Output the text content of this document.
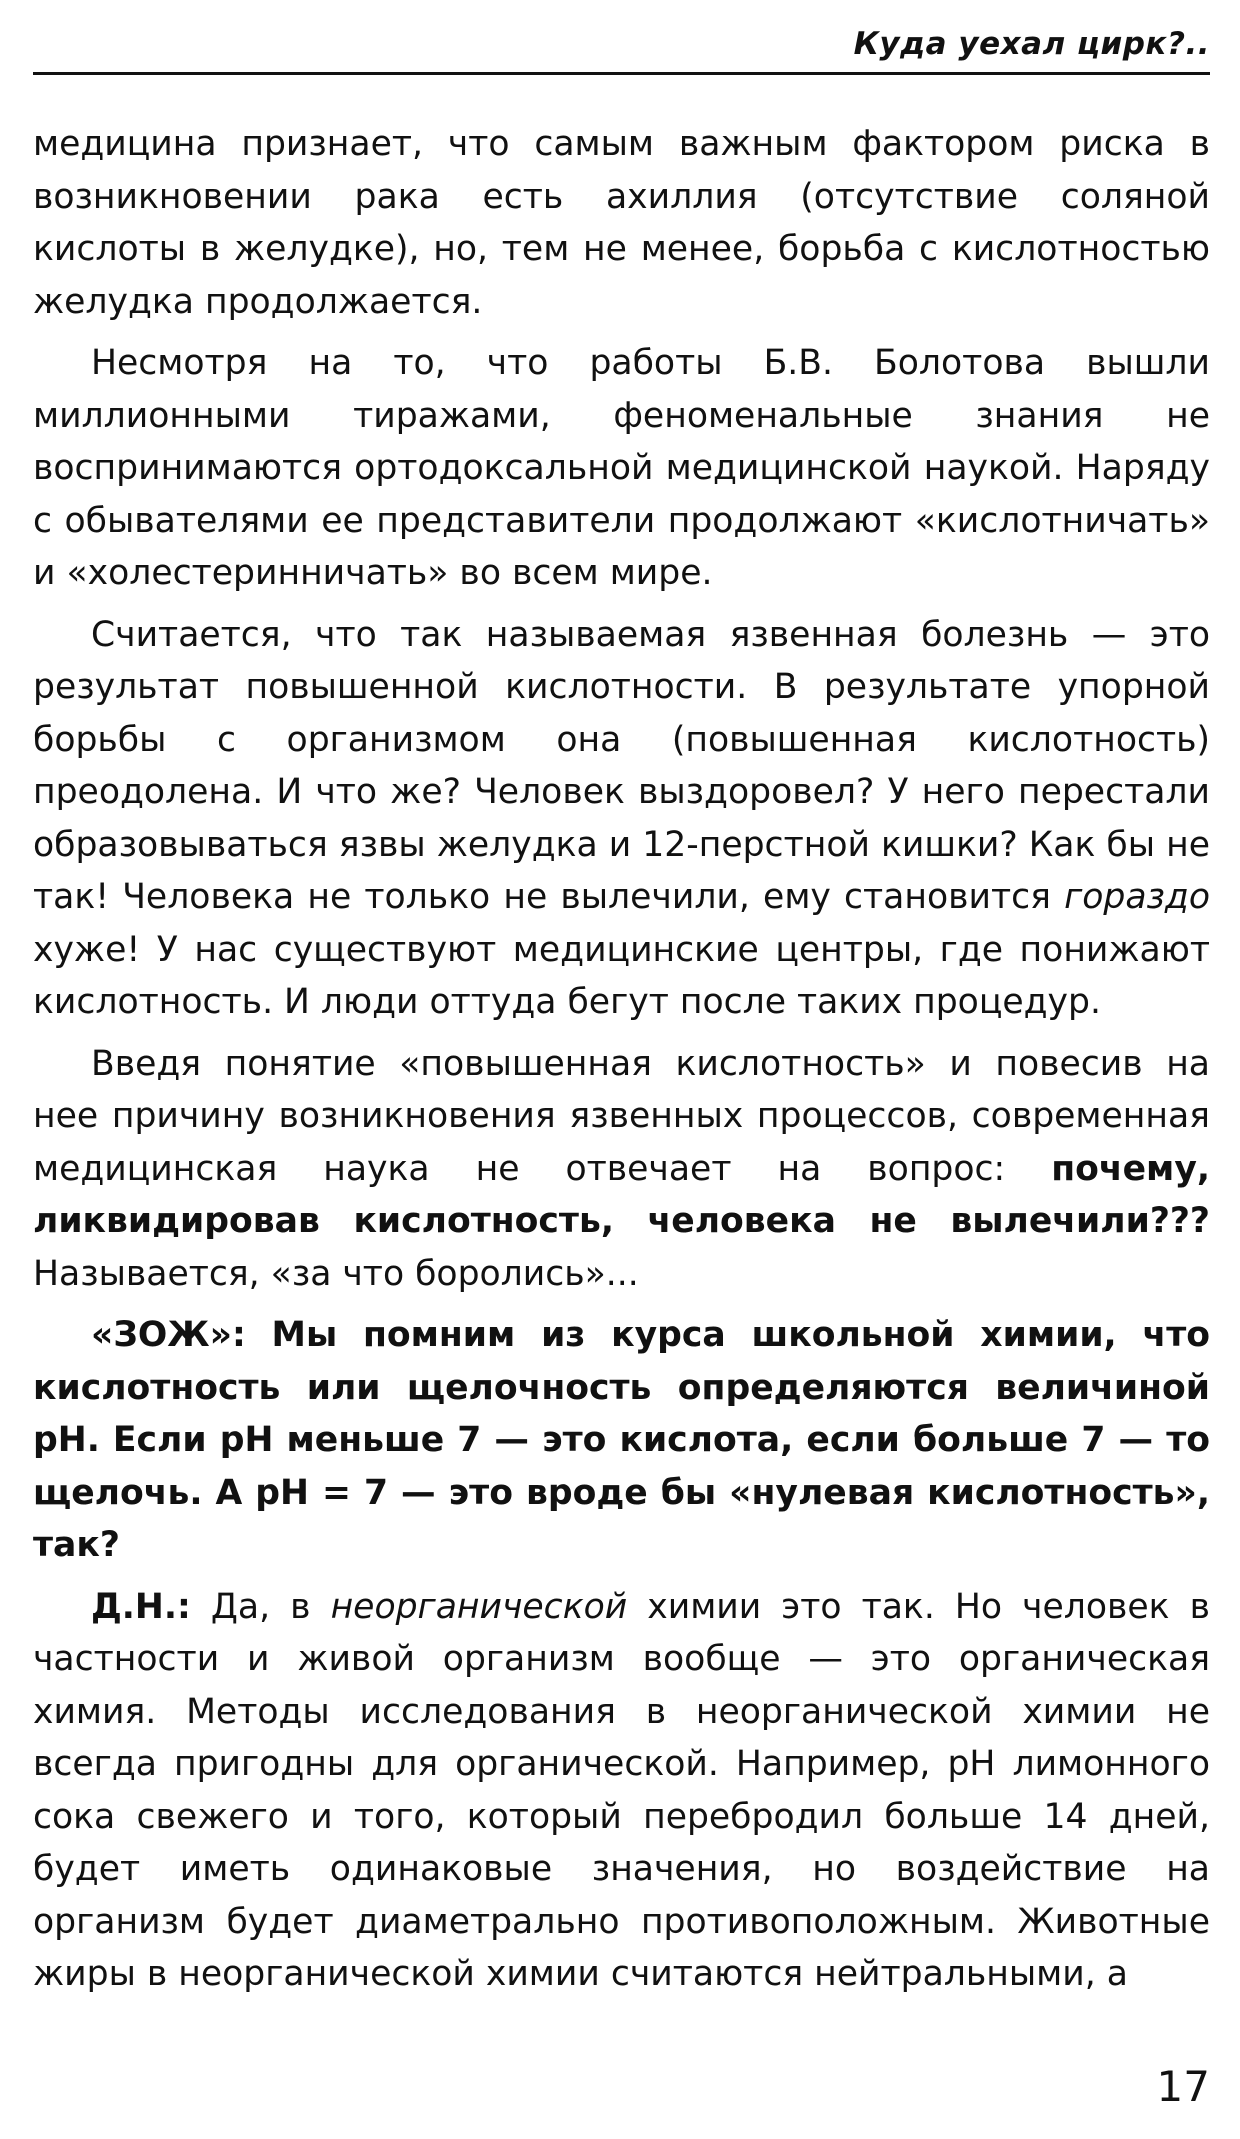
Куда уехал цирк?..

медицина признает, что самым важным фактором риска в возникновении рака есть ахиллия (отсутствие соляной кислоты в желудке), но, тем не менее, борьба с кислотностью желудка продолжается.

Несмотря на то, что работы Б.В. Болотова вышли миллионными тиражами, феноменальные знания не воспринимаются ортодоксальной медицинской наукой. Наряду с обывателями ее представители продолжают «кислотничать» и «холестеринничать» во всем мире.

Считается, что так называемая язвенная болезнь — это результат повышенной кислотности. В результате упорной борьбы с организмом она (повышенная кислотность) преодолена. И что же? Человек выздоровел? У него перестали образовываться язвы желудка и 12-перстной кишки? Как бы не так! Человека не только не вылечили, ему становится гораздо хуже! У нас существуют медицинские центры, где понижают кислотность. И люди оттуда бегут после таких процедур.

Введя понятие «повышенная кислотность» и повесив на нее причину возникновения язвенных процессов, современная медицинская наука не отвечает на вопрос: почему, ликвидировав кислотность, человека не вылечили??? Называется, «за что боролись»...

«ЗОЖ»: Мы помним из курса школьной химии, что кислотность или щелочность определяются величиной pH. Если pH меньше 7 — это кислота, если больше 7 — то щелочь. А pH = 7 — это вроде бы «нулевая кислотность», так?

Д.Н.: Да, в неорганической химии это так. Но человек в частности и живой организм вообще — это органическая химия. Методы исследования в неорганической химии не всегда пригодны для органической. Например, pH лимонного сока свежего и того, который перебродил больше 14 дней, будет иметь одинаковые значения, но воздействие на организм будет диаметрально противоположным. Животные жиры в неорганической химии считаются нейтральными, а

17
